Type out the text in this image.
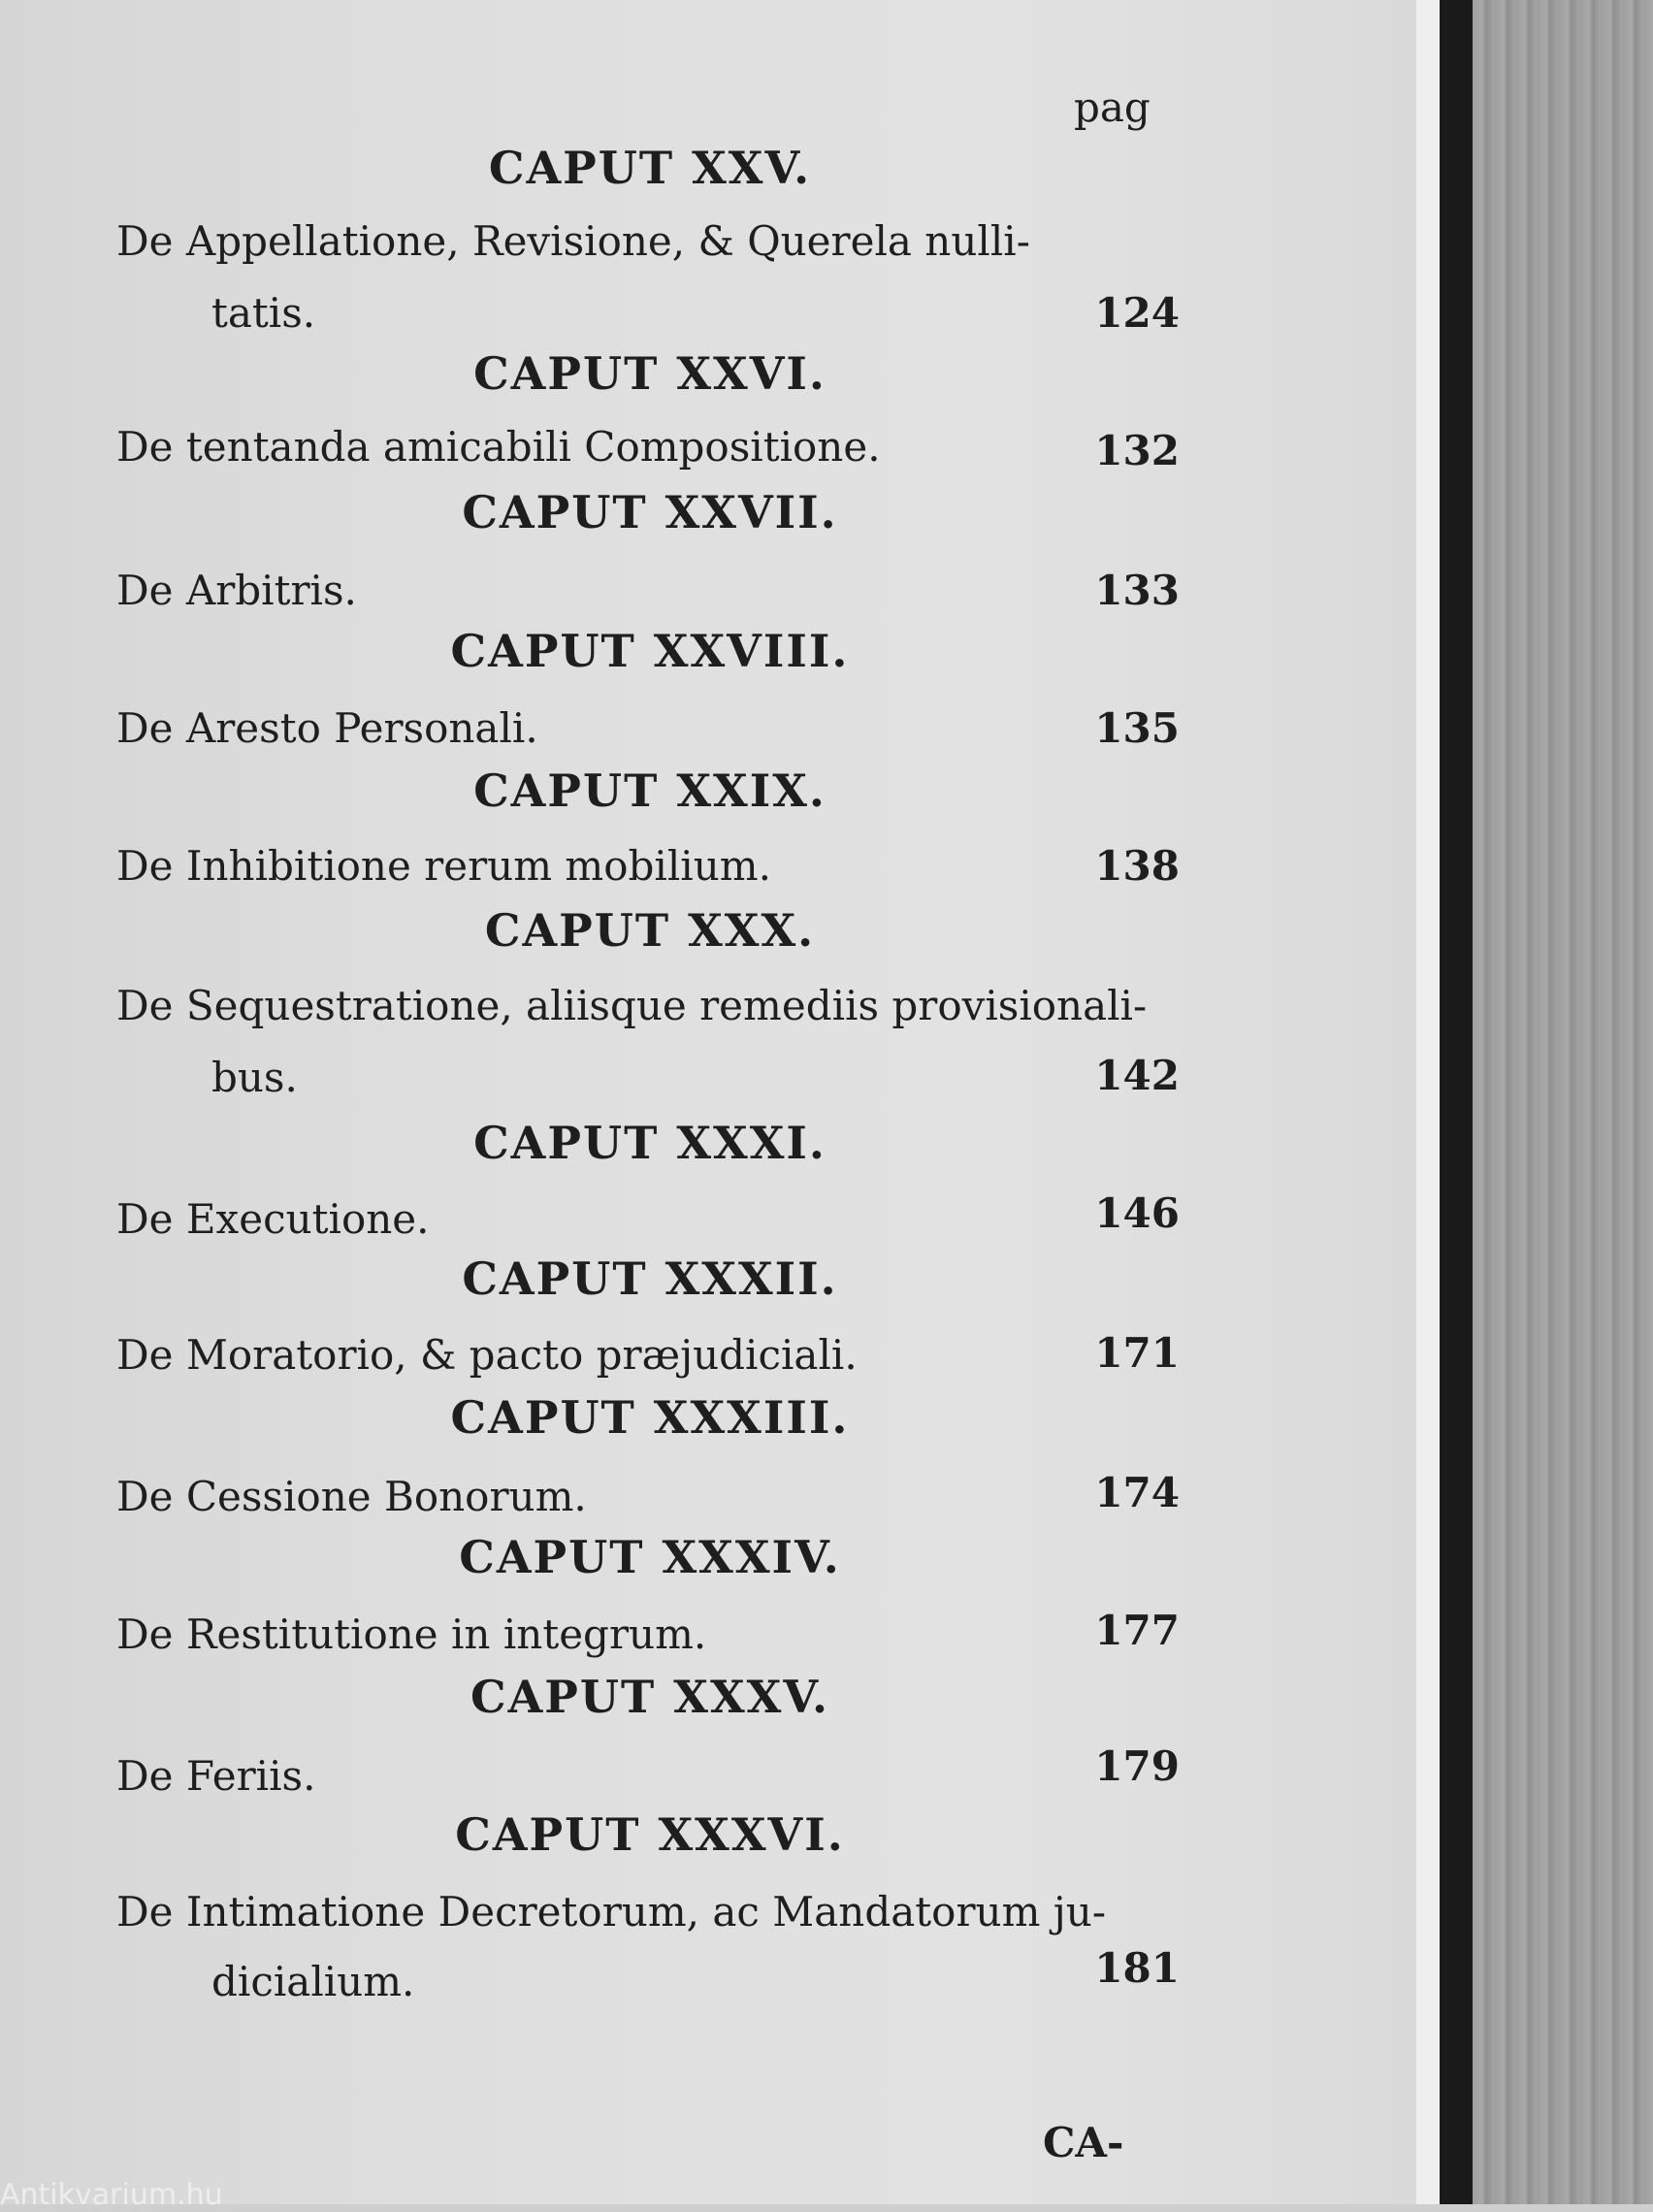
pag
CAPUT XXV.
De Appellatione, Revisione, & Querela nulli-
tatis.	124
CAPUT XXVI.
De tentanda amicabili Compositione.	132
CAPUT XXVII.
De Arbitris.	133
CAPUT XXVIII.
De Aresto Personali.	135
CAPUT XXIX.
De Inhibitione rerum mobilium.	138
CAPUT XXX.
De Sequestratione, aliisque remediis provisionali-
bus.	142
CAPUT XXXI.
De Executione.	146
CAPUT XXXII.
De Moratorio, & pacto præjudiciali.	171
CAPUT XXXIII.
De Cessione Bonorum.	174
CAPUT XXXIV.
De Restitutione in integrum.	177
CAPUT XXXV.
De Feriis.	179
CAPUT XXXVI.
De Intimatione Decretorum, ac Mandatorum ju-
dicialium.	181
CA-
Antikvarium.hu
